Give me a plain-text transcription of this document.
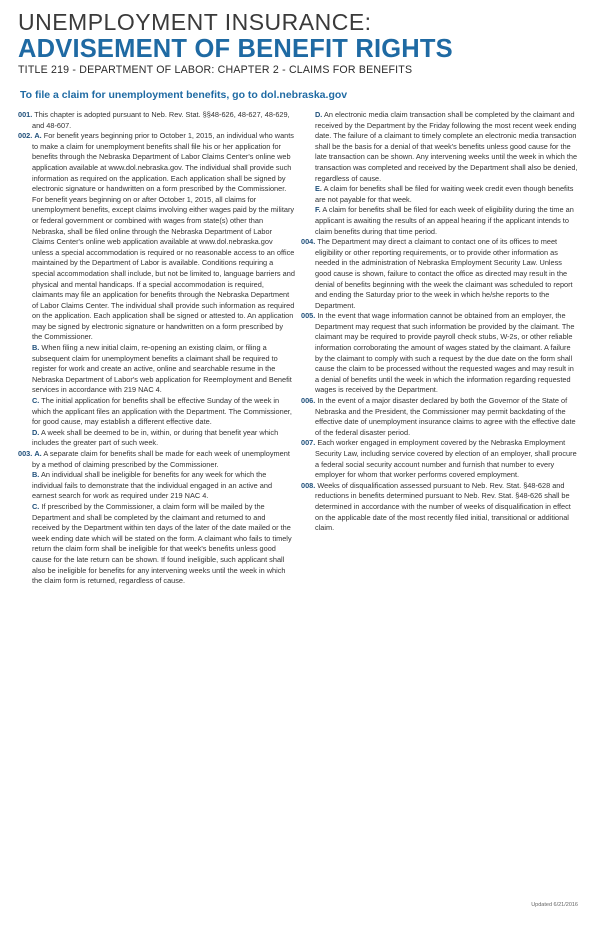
UNEMPLOYMENT INSURANCE:
ADVISEMENT OF BENEFIT RIGHTS
TITLE 219 - DEPARTMENT OF LABOR: CHAPTER 2 - CLAIMS FOR BENEFITS
To file a claim for unemployment benefits, go to dol.nebraska.gov

001. This chapter is adopted pursuant to Neb. Rev. Stat. §§48-626, 48-627, 48-629, and 48-607.

002. A. For benefit years beginning prior to October 1, 2015, an individual who wants to make a claim for unemployment benefits shall file his or her application for benefits through the Nebraska Department of Labor Claims Center's online web application available at www.dol.nebraska.gov. The individual shall provide such information as required on the application. Each application shall be signed by electronic signature or handwritten on a form prescribed by the Commissioner.

For benefit years beginning on or after October 1, 2015, all claims for unemployment benefits, except claims involving either wages paid by the military or federal government or combined with wages from state(s) other than Nebraska, shall be filed online through the Nebraska Department of Labor Claims Center's online web application available at www.dol.nebraska.gov unless a special accommodation is required or no reasonable access to an office maintained by the Department of Labor is available. Conditions requiring a special accommodation shall include, but not be limited to, language barriers and physical and mental handicaps. If a special accommodation is required, claimants may file an application for benefits through the Nebraska Department of Labor Claims Center. The individual shall provide such information as required on the application. Each application shall be signed or attested to. An application may be signed by electronic signature or handwritten on a form prescribed by the Commissioner.

B. When filing a new initial claim, re-opening an existing claim, or filing a subsequent claim for unemployment benefits a claimant shall be required to register for work and create an active, online and searchable resume in the Nebraska Department of Labor's web application for Reemployment and Benefit services in accordance with 219 NAC 4.

C. The initial application for benefits shall be effective Sunday of the week in which the applicant files an application with the Department. The Commissioner, for good cause, may establish a different effective date.

D. A week shall be deemed to be in, within, or during that benefit year which includes the greater part of such week.

003. A. A separate claim for benefits shall be made for each week of unemployment by a method of claiming prescribed by the Commissioner.

B. An individual shall be ineligible for benefits for any week for which the individual fails to demonstrate that the individual engaged in an active and earnest search for work as required under 219 NAC 4.

C. If prescribed by the Commissioner, a claim form will be mailed by the Department and shall be completed by the claimant and returned to and received by the Department within ten days of the later of the date mailed or the week ending date which will be stated on the form. A claimant who fails to timely return the claim form shall be ineligible for that week's benefits unless good cause for the late return can be shown. If found ineligible, such applicant shall also be ineligible for benefits for any intervening weeks until the week in which the claim form is returned, regardless of cause.

D. An electronic media claim transaction shall be completed by the claimant and received by the Department by the Friday following the most recent week ending date. The failure of a claimant to timely complete an electronic media transaction shall be the basis for a denial of that week's benefits unless good cause for the late transaction can be shown. Any intervening weeks until the week in which the transaction was completed and received by the Department shall also be denied, regardless of cause.

E. A claim for benefits shall be filed for waiting week credit even though benefits are not payable for that week.

F. A claim for benefits shall be filed for each week of eligibility during the time an applicant is awaiting the results of an appeal hearing if the applicant intends to claim benefits during that time period.

004. The Department may direct a claimant to contact one of its offices to meet eligibility or other reporting requirements, or to provide other information as needed in the administration of Nebraska Employment Security Law. Unless good cause is shown, failure to contact the office as directed may result in the denial of benefits beginning with the week the claimant was scheduled to report and ending the Saturday prior to the week in which he/she reports to the Department.

005. In the event that wage information cannot be obtained from an employer, the Department may request that such information be provided by the claimant. The claimant may be required to provide payroll check stubs, W-2s, or other reliable information corroborating the amount of wages stated by the claimant. A failure by the claimant to comply with such a request by the due date on the form shall cause the claim to be processed without the requested wages and may result in a denial of benefits until the week in which the information regarding requested wages is received by the Department.

006. In the event of a major disaster declared by both the Governor of the State of Nebraska and the President, the Commissioner may permit backdating of the effective date of unemployment insurance claims to agree with the effective date of the federal disaster period.

007. Each worker engaged in employment covered by the Nebraska Employment Security Law, including service covered by election of an employer, shall procure a federal social security account number and furnish that number to every employer for whom that worker performs covered employment.

008. Weeks of disqualification assessed pursuant to Neb. Rev. Stat. §48-628 and reductions in benefits determined pursuant to Neb. Rev. Stat. §48-626 shall be determined in accordance with the number of weeks of disqualification in effect on the applicable date of the most recently filed initial, transitional or additional claim.

Updated 6/21/2016
